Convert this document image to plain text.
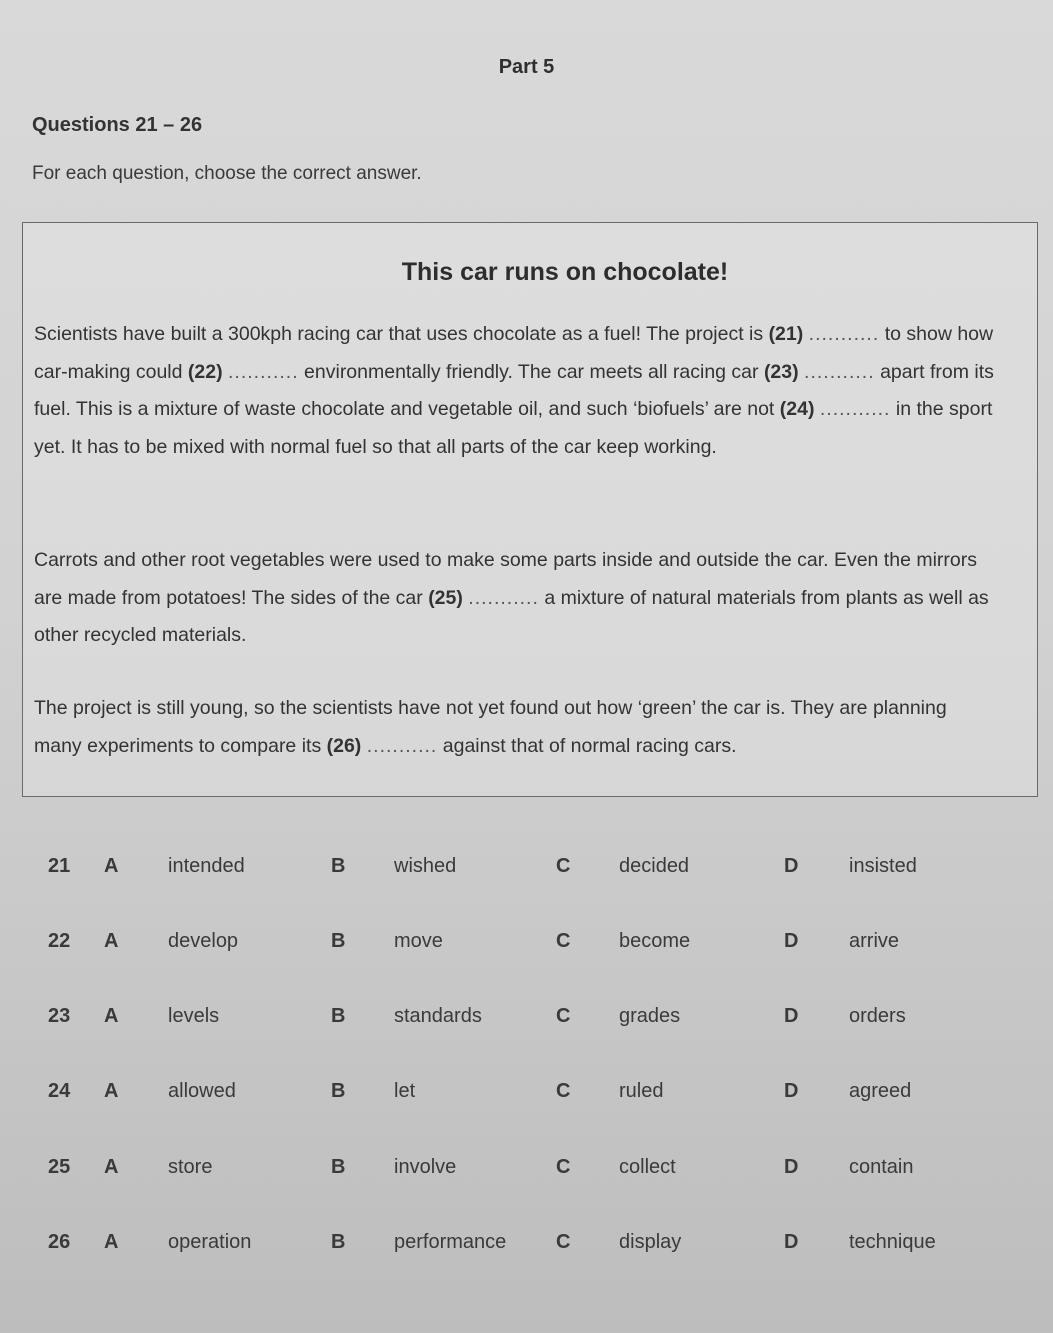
Part 5
Questions 21 – 26
For each question, choose the correct answer.
This car runs on chocolate!
Scientists have built a 300kph racing car that uses chocolate as a fuel! The project is (21) ........... to show how car-making could (22) ........... environmentally friendly. The car meets all racing car (23) ........... apart from its fuel. This is a mixture of waste chocolate and vegetable oil, and such ‘biofuels’ are not (24) ........... in the sport yet. It has to be mixed with normal fuel so that all parts of the car keep working.
Carrots and other root vegetables were used to make some parts inside and outside the car. Even the mirrors are made from potatoes! The sides of the car (25) ........... a mixture of natural materials from plants as well as other recycled materials.
The project is still young, so the scientists have not yet found out how ‘green’ the car is. They are planning many experiments to compare its (26) ........... against that of normal racing cars.
21 A intended	B wished	C decided	D	insisted
22 A develop	B move	C become	D	arrive
23 A levels	B standards	C grades	D	orders
24 A allowed	B let	C ruled	D	agreed
25 A store	B involve	C collect	D	contain
26 A operation	B performance C display	D	technique
